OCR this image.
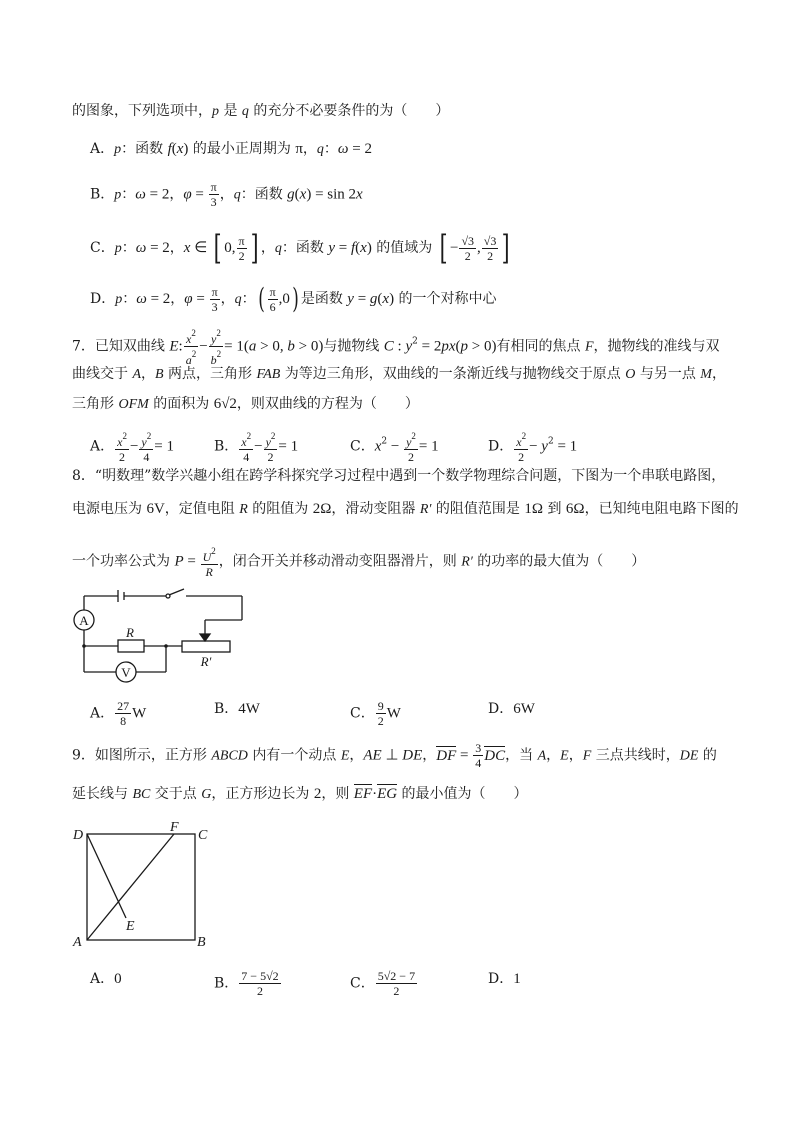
的图象，下列选项中，p 是 q 的充分不必要条件的为（　　）
A．p：函数 f(x) 的最小正周期为 π，q：ω = 2
B．p：ω = 2，$\varphi = \frac{\pi}{3}$ ，q：函数 g(x) = sin 2x
C．p：ω = 2，x ∈ [ 0, $\frac{\pi}{2}$ ] ，q：函数 y = f(x) 的值域为 [ − $\frac{√3}{2}$ , $\frac{√3}{2}$ ]
D．p：ω = 2，$\varphi = \frac{\pi}{3}$ ，q：( $\frac{\pi}{6} ,0$) 是函数 y = g(x) 的一个对称中心
7．已知双曲线 E: $\frac{x^2}{a^2} - \frac{y^2}{b^2} = 1(a > 0$, b > 0)与抛物线 C : $y^2 = 2px(p > 0)$有相同的焦点 F，抛物线的准线与双
曲线交于 A，B 两点，三角形 FAB 为等边三角形，双曲线的一条渐近线与抛物线交于原点 O 与另一点 M，
三角形 OFM 的面积为 6√2，则双曲线的方程为（　　）
A． $\frac{x^2}{2} - \frac{y^2}{4} = 1$	B． $\frac{x^2}{4} - \frac{y^2}{2} = 1$	C．$x^2 - \frac{y^2}{2} = 1$	D． $\frac{x^2}{2} - y^2 = 1$
8．“明数理”数学兴趣小组在跨学科探究学习过程中遇到一个数学物理综合问题，下图为一个串联电路图，
电源电压为 6V，定值电阻 R 的阻值为 2Ω，滑动变阻器 R′ 的阻值范围是 1Ω 到 6Ω，已知纯电阻电路下图的
一个功率公式为 $P = \frac{U^2}{R}$ ，闭合开关并移动滑动变阻器滑片，则 R′ 的功率的最大值为（　　）
A
V
R
R′
A． $\frac{27}{8}$ W	B．4W	C． $\frac{9}{2}$ W	D．6W
9．如图所示，正方形 ABCD 内有一个动点 E，AE ⊥ DE，DF = $\frac{3}{4}$ DC，当 A，E，F 三点共线时，DE 的
延长线与 BC 交于点 G，正方形边长为 2，则 EF·EG 的最小值为（　　）
D
F
C
A
E
B
A．0	B． $\frac{7 - 5√2}{2}$	C． $\frac{5√2 - 7}{2}$	D．1
